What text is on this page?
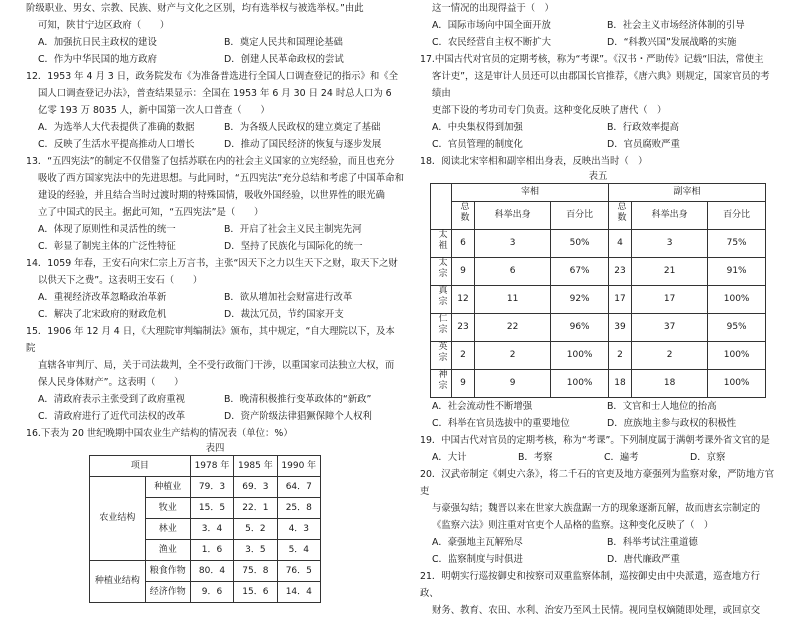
阶级职业、男女、宗教、民族、财产与文化之区别，均有选举权与被选举权。”由此

可知，陕甘宁边区政府（　　）

A．加强抗日民主政权的建设	B．奠定人民共和国理论基础
C．作为中华民国的地方政府	D．创建人民革命政权的尝试

12．1953 年 4 月 3 日，政务院发布《为准备普选进行全国人口调查登记的指示》和《全

国人口调查登记办法》，普查结果显示：全国在 1953 年 6 月 30 日 24 时总人口为 6

亿零 193 万 8035 人，新中国第一次人口普查（　　）

A．为选举人大代表提供了准确的数据	B．为各级人民政权的建立奠定了基础
C．反映了生活水平提高推动人口增长	D．推动了国民经济的恢复与逐步发展

13．“五四宪法”的制定不仅借鉴了包括苏联在内的社会主义国家的立宪经验，而且也充分

吸收了西方国家宪法中的先进思想。与此同时，“五四宪法”充分总结和考虑了中国革命和

建设的经验，并且结合当时过渡时期的特殊国情，吸收外国经验，以世界性的眼光确

立了中国式的民主。据此可知，“五四宪法”是（　　）

A．体现了原则性和灵活性的统一	B．开启了社会主义民主制宪先河
C．彰显了制宪主体的广泛性特征	D．坚持了民族化与国际化的统一

14．1059 年春，王安石向宋仁宗上万言书，主张“因天下之力以生天下之财，取天下之财

以供天下之费”。这表明王安石（　　）

A．重视经济改革忽略政治革新	B．欲从增加社会财富进行改革
C．解决了北宋政府的财政危机	D．裁汰冗员，节约国家开支

15．1906 年 12 月 4 日，《大理院审判编制法》颁布，其中规定，“自大理院以下，及本院

直辖各审判厅、局，关于司法裁判，全不受行政衙门干涉，以重国家司法独立大权，而

保人民身体财产”。这表明（　　）

A．清政府表示主张受到了政府重视	B．晚清积极推行变革政体的“新政”
C．清政府进行了近代司法权的改革	D．资产阶级法律猖獗保障个人权利

16.下表为 20 世纪晚期中国农业生产结构的情况表（单位：%）

表四

项目		1978 年	1985 年	1990 年
农业结构	种植业	79．3	69．3	64．7
	牧业	15．5	22．1	25．8
	林业	3．4	5．2	4．3
	渔业	1．6	3．5	5．4
种植业结构	粮食作物	80．4	75．8	76．5
	经济作物	9．6	15．6	14．4

这一情况的出现得益于（　）

A．国际市场向中国全面开放	B．社会主义市场经济体制的引导
C．农民经营自主权不断扩大	D．“科教兴国”发展战略的实施

17.中国古代对官员的定期考核，称为“考课”。《汉书・严助传》记载“旧法，常使主

客计吏”，这是审计人员还可以由郡国长官推荐，《唐六典》则规定，国家官员的考绩由

吏部下设的考功司专门负责。这种变化反映了唐代（　）

A．中央集权得到加强	B．行政效率提高
C．官员管理的制度化	D．官员腐败严重

18．阅读北宋宰相和副宰相出身表，反映出当时（　）

表五

	宰相			副宰相		
	总数	科举出身	百分比	总数	科举出身	百分比
太祖	6	3	50%	4	3	75%
太宗	9	6	67%	23	21	91%
真宗	12	11	92%	17	17	100%
仁宗	23	22	96%	39	37	95%
英宗	2	2	100%	2	2	100%
神宗	9	9	100%	18	18	100%
A．社会流动性不断增强	B．文官和士人地位的抬高
C．科举在官员选拔中的重要地位	D．庶族地主参与政权的积极性

19．中国古代对官员的定期考核，称为“考课”。下列制度属于满朝考课外省文官的是

A．大计	B．考察	C．遍考	D．京察

20．汉武帝制定《刺史六条》，将二千石的官吏及地方豪强列为监察对象，严防地方官吏

与豪强勾结；魏晋以来在世家大族盘踞一方的现象逐渐瓦解，故而唐玄宗制定的

《监察六法》则注重对官吏个人品格的监察。这种变化反映了（　）

A．豪强地主瓦解殆尽	B．科举考试注重道德
C．监察制度与时俱进	D．唐代廉政严重

21．明朝实行巡按御史和按察司双重监察体制，巡按御史由中央派遣，巡查地方行政、

财务、教育、农田、水利、治安乃至风土民情。视同皇权嫡随即处理，或回京交
